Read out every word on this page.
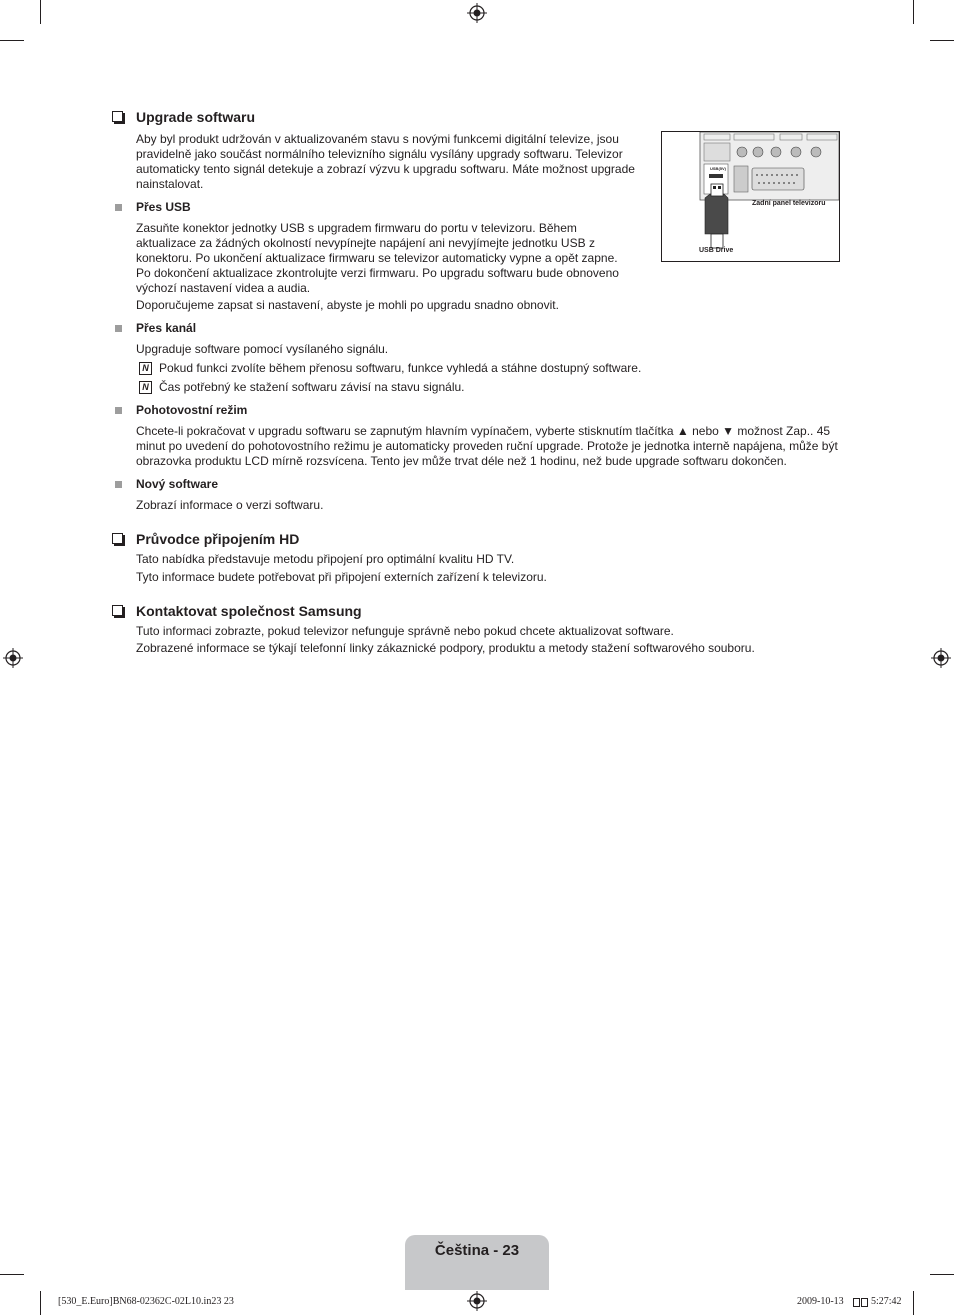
USB(5V)
Zadní panel televizoru
USB Drive
Upgrade softwaru

Aby byl produkt udržován v aktualizovaném stavu s novými funkcemi digitální televize, jsou pravidelně jako součást normálního televizního signálu vysílány upgrady softwaru. Televizor automaticky tento signál detekuje a zobrazí výzvu k upgradu softwaru. Máte možnost upgrade nainstalovat.

Přes USB

Zasuňte konektor jednotky USB s upgradem firmwaru do portu v televizoru. Během aktualizace za žádných okolností nevypínejte napájení ani nevyjímejte jednotku USB z konektoru. Po ukončení aktualizace firmwaru se televizor automaticky vypne a opět zapne. Po dokončení aktualizace zkontrolujte verzi firmwaru. Po upgradu softwaru bude obnoveno výchozí nastavení videa a audia.

Doporučujeme zapsat si nastavení, abyste je mohli po upgradu snadno obnovit.

Přes kanál

Upgraduje software pomocí vysílaného signálu.

N Pokud funkci zvolíte během přenosu softwaru, funkce vyhledá a stáhne dostupný software.

N Čas potřebný ke stažení softwaru závisí na stavu signálu.

Pohotovostní režim

Chcete-li pokračovat v upgradu softwaru se zapnutým hlavním vypínačem, vyberte stisknutím tlačítka ▲ nebo ▼ možnost Zap.. 45 minut po uvedení do pohotovostního režimu je automaticky proveden ruční upgrade. Protože je jednotka interně napájena, může být obrazovka produktu LCD mírně rozsvícena. Tento jev může trvat déle než 1 hodinu, než bude upgrade softwaru dokončen.

Nový software

Zobrazí informace o verzi softwaru.

Průvodce připojením HD

Tato nabídka představuje metodu připojení pro optimální kvalitu HD TV.

Tyto informace budete potřebovat při připojení externích zařízení k televizoru.

Kontaktovat společnost Samsung

Tuto informaci zobrazte, pokud televizor nefunguje správně nebo pokud chcete aktualizovat software.

Zobrazené informace se týkají telefonní linky zákaznické podpory, produktu a metody stažení softwarového souboru.

Čeština - 23
[530_E.Euro]BN68-02362C-02L10.in23 23	2009-10-13	5:27:42
